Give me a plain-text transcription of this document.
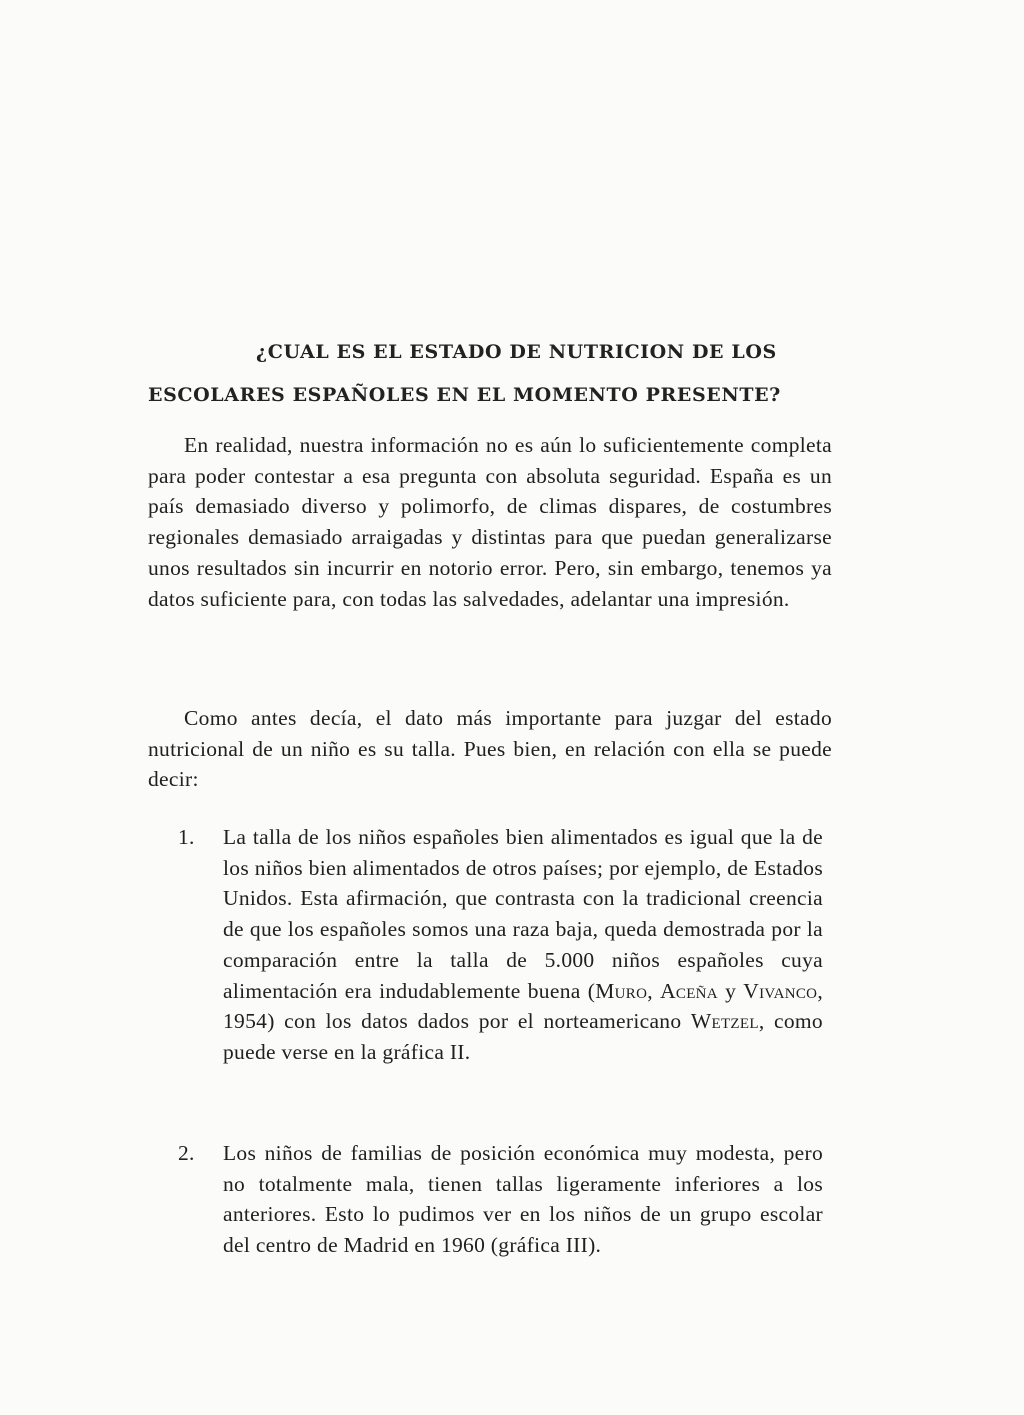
¿CUAL ES EL ESTADO DE NUTRICION DE LOS
ESCOLARES ESPAÑOLES EN EL MOMENTO PRESENTE?
En realidad, nuestra información no es aún lo suficientemente completa para poder contestar a esa pregunta con absoluta seguridad. España es un país demasiado diverso y polimorfo, de climas dispares, de costumbres regionales demasiado arraigadas y distintas para que puedan generalizarse unos resultados sin incurrir en notorio error. Pero, sin embargo, tenemos ya datos suficiente para, con todas las salvedades, adelantar una impresión.
Como antes decía, el dato más importante para juzgar del estado nutricional de un niño es su talla. Pues bien, en relación con ella se puede decir:
1.	La talla de los niños españoles bien alimentados es igual que la de los niños bien alimentados de otros países; por ejemplo, de Estados Unidos. Esta afirmación, que contrasta con la tradicional creencia de que los españoles somos una raza baja, queda demostrada por la comparación entre la talla de 5.000 niños españoles cuya alimentación era indudablemente buena (Muro, Aceña y Vivanco, 1954) con los datos dados por el norteamericano Wetzel, como puede verse en la gráfica II.
2.	Los niños de familias de posición económica muy modesta, pero no totalmente mala, tienen tallas ligeramente inferiores a los anteriores. Esto lo pudimos ver en los niños de un grupo escolar del centro de Madrid en 1960 (gráfica III).
